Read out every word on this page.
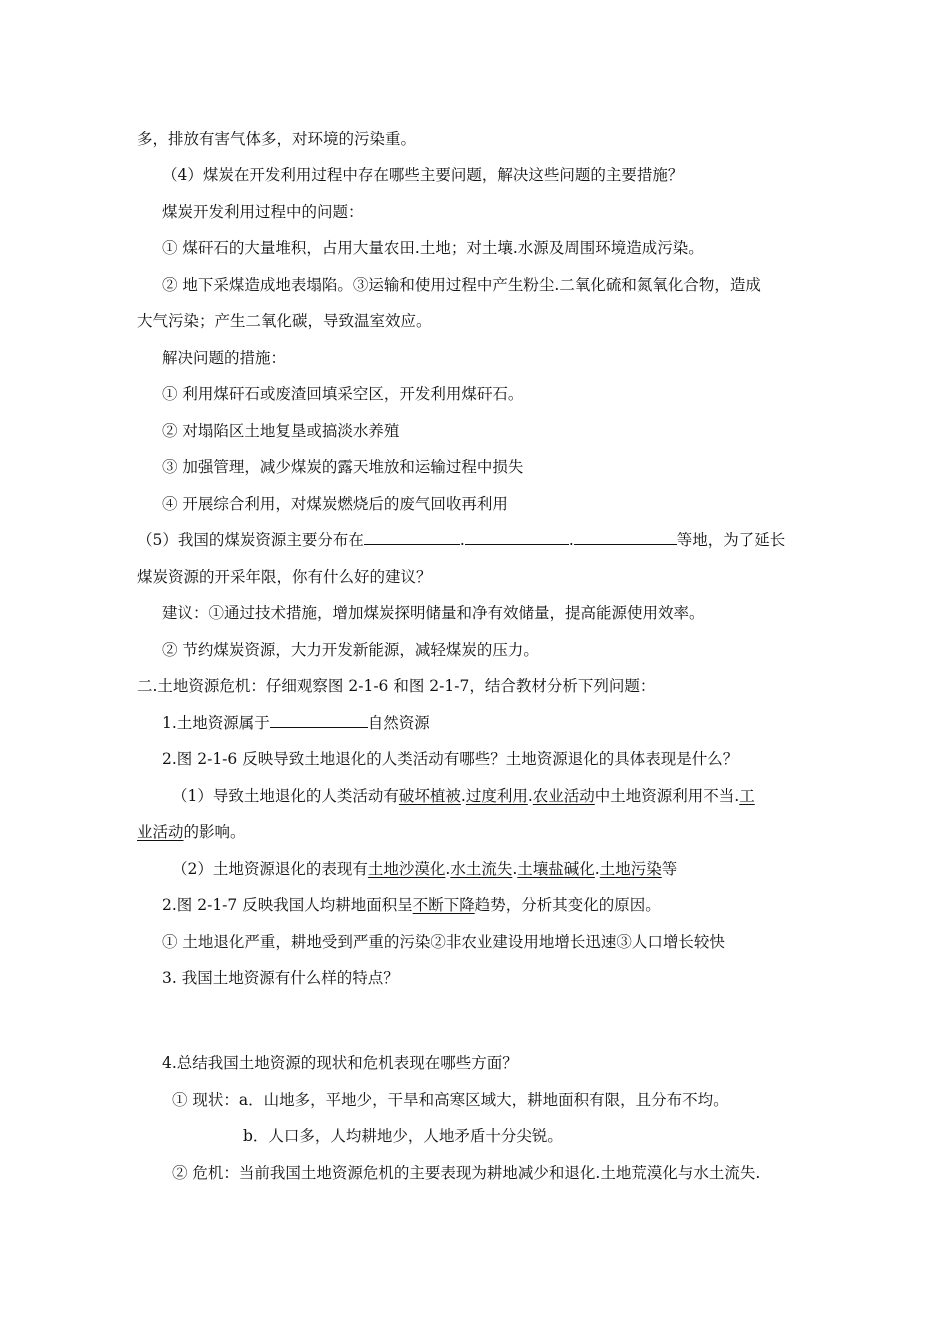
多，排放有害气体多，对环境的污染重。
（4）煤炭在开发利用过程中存在哪些主要问题，解决这些问题的主要措施？
煤炭开发利用过程中的问题：
① 煤矸石的大量堆积，占用大量农田.土地；对土壤.水源及周围环境造成污染。
② 地下采煤造成地表塌陷。③运输和使用过程中产生粉尘.二氧化硫和氮氧化合物，造成
大气污染；产生二氧化碳，导致温室效应。
解决问题的措施：
① 利用煤矸石或废渣回填采空区，开发利用煤矸石。
② 对塌陷区土地复垦或搞淡水养殖
③ 加强管理，减少煤炭的露天堆放和运输过程中损失
④ 开展综合利用，对煤炭燃烧后的废气回收再利用
（5）我国的煤炭资源主要分布在	.	.	等地，为了延长
煤炭资源的开采年限，你有什么好的建议？
建议：①通过技术措施，增加煤炭探明储量和净有效储量，提高能源使用效率。
② 节约煤炭资源，大力开发新能源，减轻煤炭的压力。
二.土地资源危机：仔细观察图 2-1-6 和图 2-1-7，结合教材分析下列问题：
1.土地资源属于	自然资源
2.图 2-1-6 反映导致土地退化的人类活动有哪些？土地资源退化的具体表现是什么？
（1）导致土地退化的人类活动有破坏植被.过度利用.农业活动中土地资源利用不当.工
业活动的影响。
（2）土地资源退化的表现有土地沙漠化.水土流失.土壤盐碱化.土地污染等
2.图 2-1-7 反映我国人均耕地面积呈不断下降趋势，分析其变化的原因。
① 土地退化严重，耕地受到严重的污染②非农业建设用地增长迅速③人口增长较快
3. 我国土地资源有什么样的特点？
4.总结我国土地资源的现状和危机表现在哪些方面？
① 现状：a．山地多，平地少，干旱和高寒区域大，耕地面积有限，且分布不均。
b．人口多，人均耕地少，人地矛盾十分尖锐。
② 危机：当前我国土地资源危机的主要表现为耕地减少和退化.土地荒漠化与水土流失.
